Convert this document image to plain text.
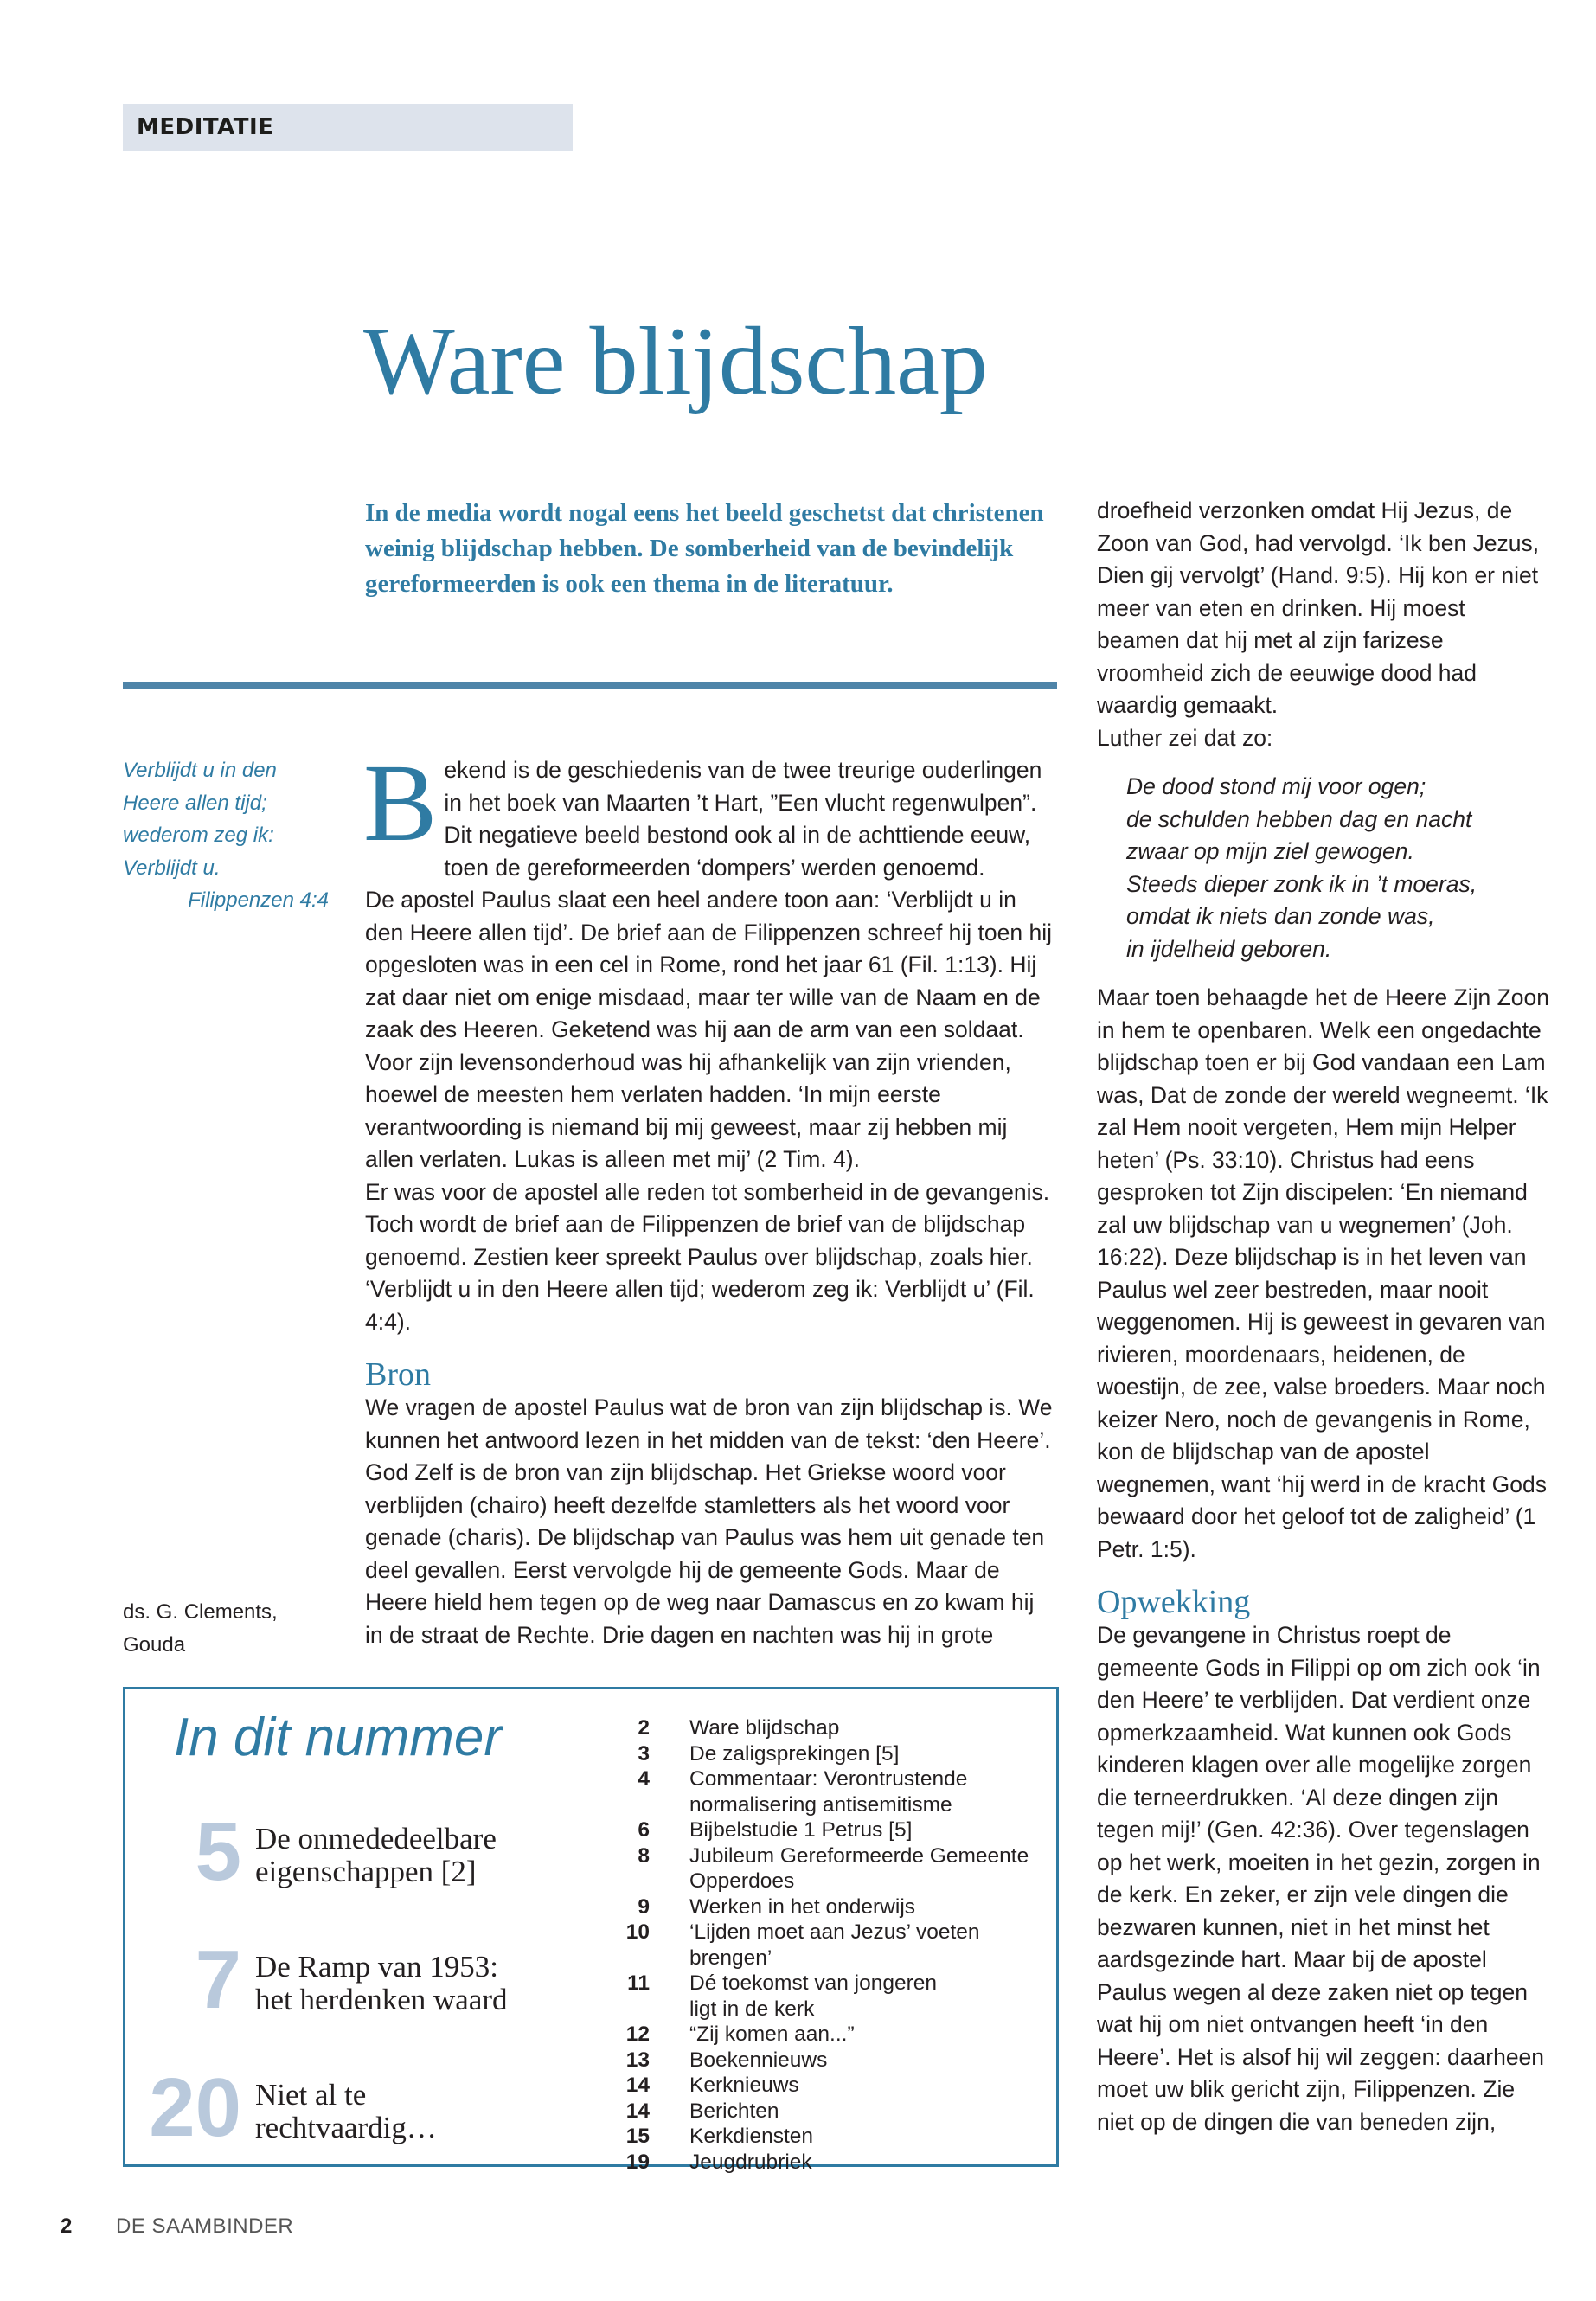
MEDITATIE
Ware blijdschap
In de media wordt nogal eens het beeld geschetst dat christenen weinig blijdschap hebben. De somberheid van de bevindelijk gereformeerden is ook een thema in de literatuur.
Verblijdt u in den
Heere allen tijd;
wederom zeg ik:
Verblijdt u.
Filippenzen 4:4
ds. G. Clements,
Gouda

Bekend is de geschiedenis van de twee treurige ouderlingen in het boek van Maarten ’t Hart, ”Een vlucht regenwulpen”. Dit negatieve beeld bestond ook al in de achttiende eeuw, toen de gereformeerden ‘dompers’ werden genoemd.

De apostel Paulus slaat een heel andere toon aan: ‘Verblijdt u in den Heere allen tijd’. De brief aan de Filippenzen schreef hij toen hij opgesloten was in een cel in Rome, rond het jaar 61 (Fil. 1:13). Hij zat daar niet om enige misdaad, maar ter wille van de Naam en de zaak des Heeren. Geketend was hij aan de arm van een soldaat. Voor zijn levensonderhoud was hij afhankelijk van zijn vrienden, hoewel de meesten hem verlaten hadden. ‘In mijn eerste verantwoording is niemand bij mij geweest, maar zij hebben mij allen verlaten. Lukas is alleen met mij’ (2 Tim. 4).

Er was voor de apostel alle reden tot somberheid in de gevangenis. Toch wordt de brief aan de Filippenzen de brief van de blijdschap genoemd. Zestien keer spreekt Paulus over blijdschap, zoals hier. ‘Verblijdt u in den Heere allen tijd; wederom zeg ik: Verblijdt u’ (Fil. 4:4).

Bron

We vragen de apostel Paulus wat de bron van zijn blijdschap is. We kunnen het antwoord lezen in het midden van de tekst: ‘den Heere’. God Zelf is de bron van zijn blijdschap. Het Griekse woord voor verblijden (chairo) heeft dezelfde stamletters als het woord voor genade (charis). De blijdschap van Paulus was hem uit genade ten deel gevallen. Eerst vervolgde hij de gemeente Gods. Maar de Heere hield hem tegen op de weg naar Damascus en zo kwam hij in de straat de Rechte. Drie dagen en nachten was hij in grote

droefheid verzonken omdat Hij Jezus, de Zoon van God, had vervolgd. ‘Ik ben Jezus, Dien gij vervolgt’ (Hand. 9:5). Hij kon er niet meer van eten en drinken. Hij moest beamen dat hij met al zijn farizese vroomheid zich de eeuwige dood had waardig gemaakt.

Luther zei dat zo:

De dood stond mij voor ogen;
de schulden hebben dag en nacht
zwaar op mijn ziel gewogen.
Steeds dieper zonk ik in ’t moeras,
omdat ik niets dan zonde was,
in ijdelheid geboren.

Maar toen behaagde het de Heere Zijn Zoon in hem te openbaren. Welk een ongedachte blijdschap toen er bij God vandaan een Lam was, Dat de zonde der wereld wegneemt. ‘Ik zal Hem nooit vergeten, Hem mijn Helper heten’ (Ps. 33:10). Christus had eens gesproken tot Zijn discipelen: ‘En niemand zal uw blijdschap van u wegnemen’ (Joh. 16:22). Deze blijdschap is in het leven van Paulus wel zeer bestreden, maar nooit weggenomen. Hij is geweest in gevaren van rivieren, moordenaars, heidenen, de woestijn, de zee, valse broeders. Maar noch keizer Nero, noch de gevangenis in Rome, kon de blijdschap van de apostel wegnemen, want ‘hij werd in de kracht Gods bewaard door het geloof tot de zaligheid’ (1 Petr. 1:5).

Opwekking

De gevangene in Christus roept de gemeente Gods in Filippi op om zich ook ‘in den Heere’ te verblijden. Dat verdient onze opmerkzaamheid. Wat kunnen ook Gods kinderen klagen over alle mogelijke zorgen die terneerdrukken. ‘Al deze dingen zijn tegen mij!’ (Gen. 42:36). Over tegenslagen op het werk, moeiten in het gezin, zorgen in de kerk. En zeker, er zijn vele dingen die bezwaren kunnen, niet in het minst het aardsgezinde hart. Maar bij de apostel Paulus wegen al deze zaken niet op tegen wat hij om niet ontvangen heeft ‘in den Heere’. Het is alsof hij wil zeggen: daarheen moet uw blik gericht zijn, Filippenzen. Zie niet op de dingen die van beneden zijn,

In dit nummer
5 De onmededeelbare
eigenschappen [2]
7 De Ramp van 1953:
het herdenken waard
20 Niet al te
rechtvaardig…
2	Ware blijdschap
3	De zaligsprekingen [5]
4	Commentaar: Verontrustende
normalisering antisemitisme
6	Bijbelstudie 1 Petrus [5]
8	Jubileum Gereformeerde Gemeente
Opperdoes
9	Werken in het onderwijs
10	‘Lijden moet aan Jezus’ voeten brengen’
11	Dé toekomst van jongeren
ligt in de kerk
12	“Zij komen aan...”
13	Boekennieuws
14	Kerknieuws
14	Berichten
15	Kerkdiensten
19	Jeugdrubriek
2 DE SAAMBINDER
